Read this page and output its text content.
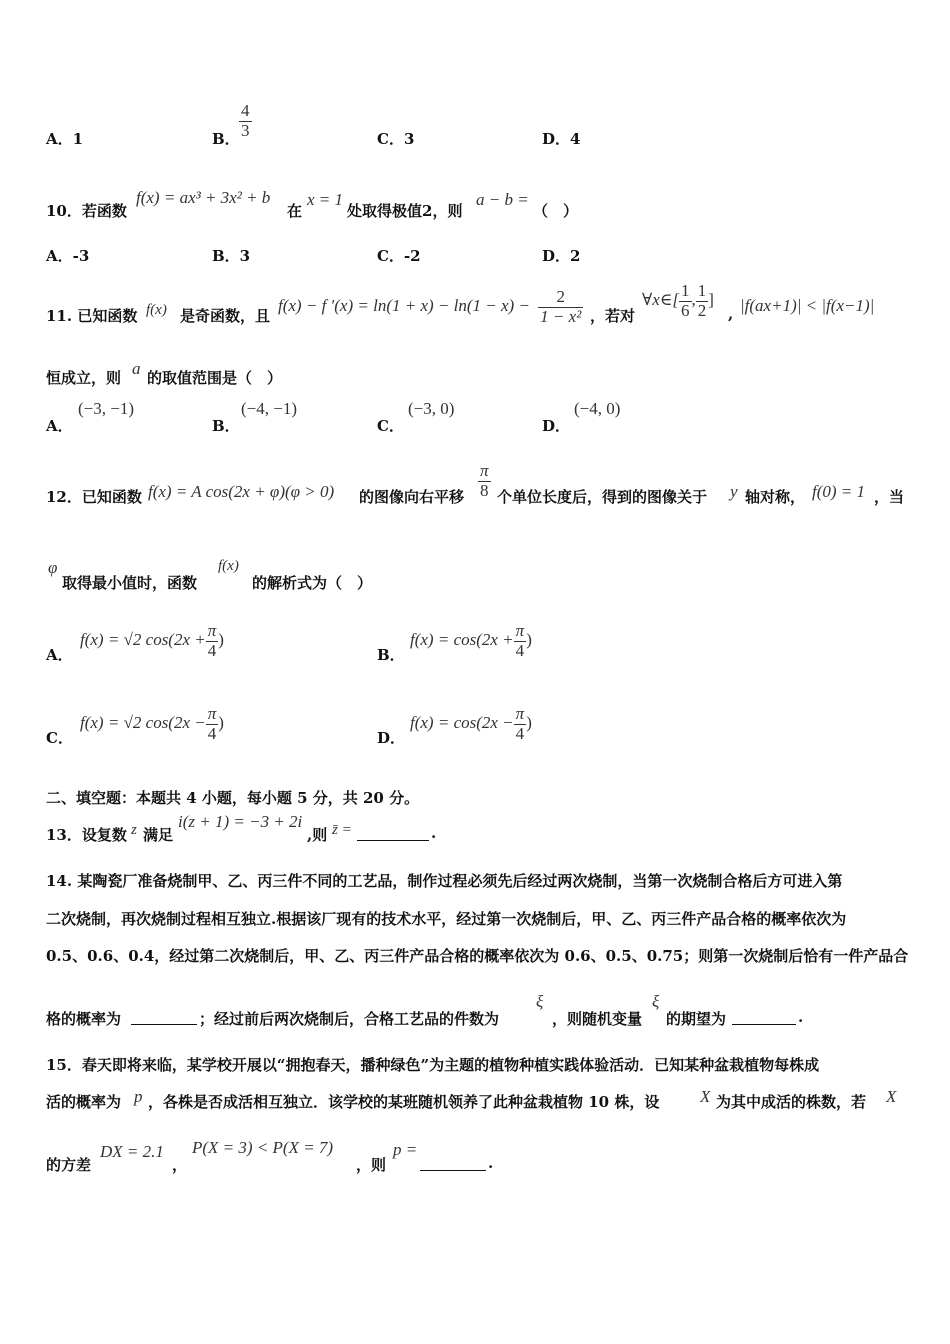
A．1	B． $\frac{4}{3}$	C．3	D．4
10．若函数
f(x) = ax³ + 3x² + b
在
x = 1
处取得极值2，则
a − b =
（　）
A．-3	B．3	C．-2	D．2
11. 已知函数 f(x) 是奇函数，且
f(x) − f $'(x) = \ln(1 + x) - \ln(1 - x) - \frac{2}{\text{1 − x²}}$ ，若对
∀x∈[ $\frac{1}{6}$ , $\frac{1}{2}$ ]
, |f(ax+1)| < |f(x−1)|
恒成立，则 a 的取值范围是（　）
A．
(−3, −1)
B．
(−4, −1)
C．
(−3, 0)
D．
(−4, 0)
12．已知函数 f(x) = A cos(2x + φ)(φ > 0) 的图像向右平移 $\frac{\pi}{8}$ 个单位长度后，得到的图像关于 y 轴对称， f(0) = 1 ，当
φ
取得最小值时，函数
f(x)
的解析式为（　）
A．
f(x) = √2 $\cos(2x + \frac{\pi}{4}$ )
B．
$f(x) = \cos(2x + \frac{\pi}{4}$ )
C．
f(x) = √2 $\cos(2x - \frac{\pi}{4}$ )
D．
$f(x) = \cos(2x - \frac{\pi}{4}$ )
二、填空题：本题共 4 小题，每小题 5 分，共 20 分。
13．设复数 z 满足
i(z + 1) = −3 + 2i
,则 z̄ =	.
14. 某陶瓷厂准备烧制甲、乙、丙三件不同的工艺品，制作过程必须先后经过两次烧制，当第一次烧制合格后方可进入第
二次烧制，再次烧制过程相互独立.根据该厂现有的技术水平，经过第一次烧制后，甲、乙、丙三件产品合格的概率依次为
0.5、0.6、0.4，经过第二次烧制后，甲、乙、丙三件产品合格的概率依次为 0.6、0.5、0.75；则第一次烧制后恰有一件产品合
格的概率为	；经过前后两次烧制后，合格工艺品的件数为
ξ
，则随机变量
ξ
的期望为	.
15．春天即将来临，某学校开展以“拥抱春天，播种绿色”为主题的植物种植实践体验活动．已知某种盆栽植物每株成
活的概率为 p ，各株是否成活相互独立．该学校的某班随机领养了此种盆栽植物 10 株，设 X 为其中成活的株数，若 X
的方差
DX = 2.1
，
P(X = 3) < P(X = 7)
，则
p =
.
